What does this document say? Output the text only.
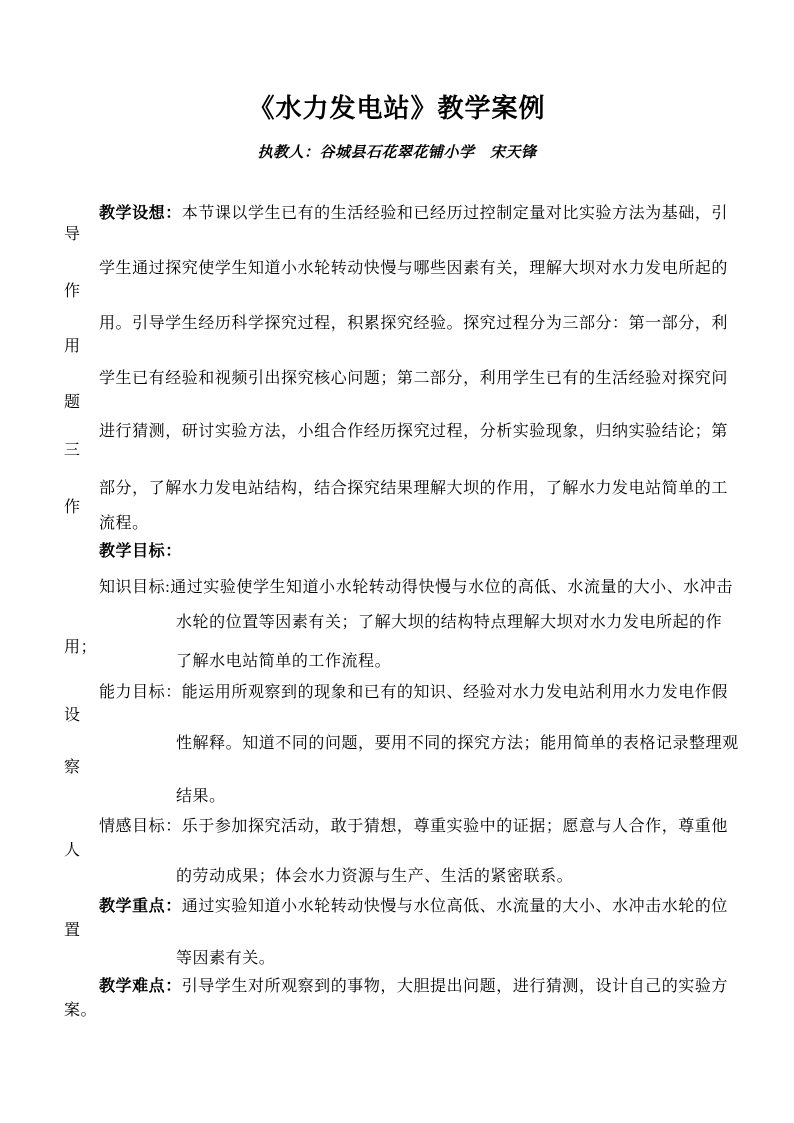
《水力发电站》教学案例
执教人：谷城县石花翠花铺小学　宋天锋
教学设想：本节课以学生已有的生活经验和已经历过控制定量对比实验方法为基础，引
导
学生通过探究使学生知道小水轮转动快慢与哪些因素有关，理解大坝对水力发电所起的
作
用。引导学生经历科学探究过程，积累探究经验。探究过程分为三部分：第一部分，利
用
学生已有经验和视频引出探究核心问题；第二部分，利用学生已有的生活经验对探究问
题
进行猜测，研讨实验方法，小组合作经历探究过程，分析实验现象，归纳实验结论；第
三
部分，了解水力发电站结构，结合探究结果理解大坝的作用，了解水力发电站简单的工
作
流程。
教学目标：
知识目标:通过实验使学生知道小水轮转动得快慢与水位的高低、水流量的大小、水冲击
水轮的位置等因素有关；了解大坝的结构特点理解大坝对水力发电所起的作
用；
了解水电站简单的工作流程。
能力目标：能运用所观察到的现象和已有的知识、经验对水力发电站利用水力发电作假
设
性解释。知道不同的问题，要用不同的探究方法；能用简单的表格记录整理观
察
结果。
情感目标：乐于参加探究活动，敢于猜想，尊重实验中的证据；愿意与人合作，尊重他
人
的劳动成果；体会水力资源与生产、生活的紧密联系。
教学重点：通过实验知道小水轮转动快慢与水位高低、水流量的大小、水冲击水轮的位
置
等因素有关。
教学难点：引导学生对所观察到的事物，大胆提出问题，进行猜测，设计自己的实验方
案。
